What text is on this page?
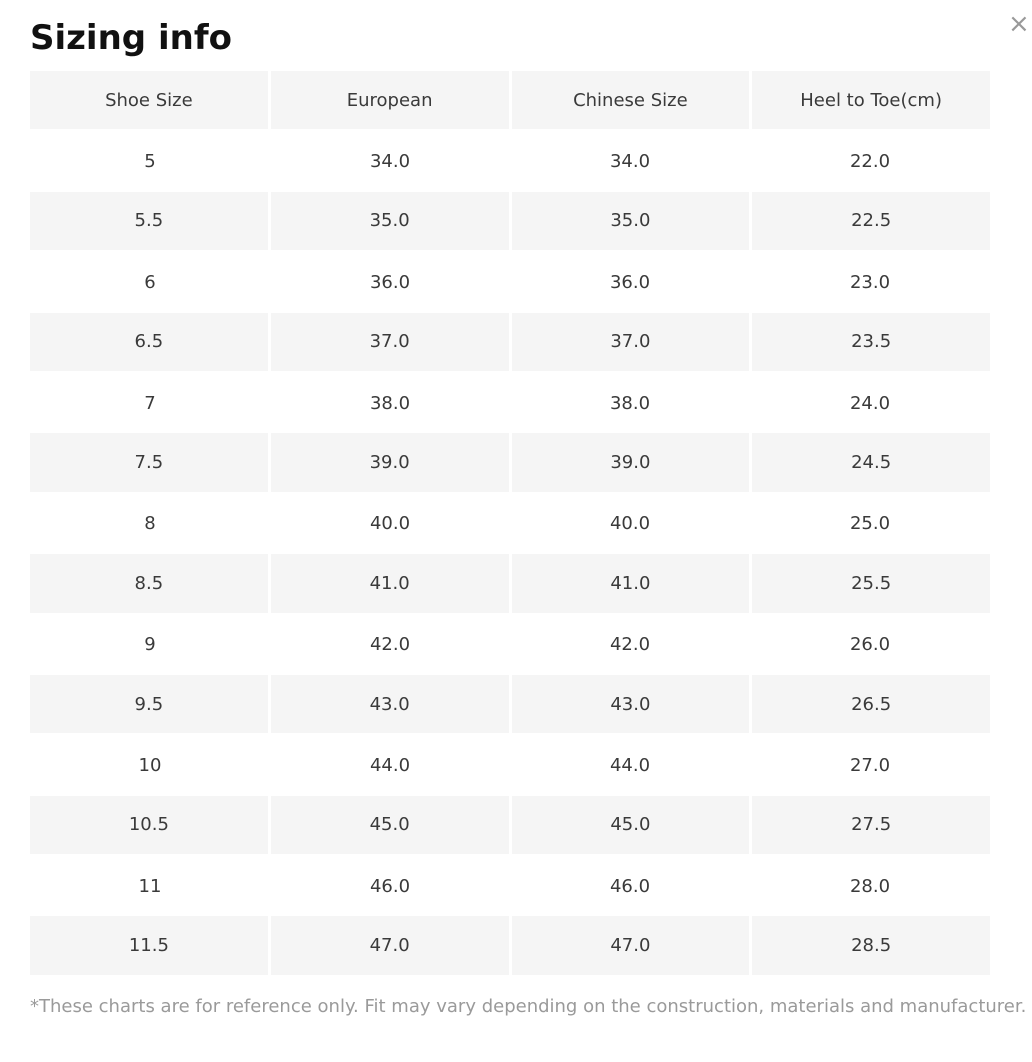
Sizing info	×
Shoe Size	European	Chinese Size	Heel to Toe(cm)
5	34.0	34.0	22.0
5.5	35.0	35.0	22.5
6	36.0	36.0	23.0
6.5	37.0	37.0	23.5
7	38.0	38.0	24.0
7.5	39.0	39.0	24.5
8	40.0	40.0	25.0
8.5	41.0	41.0	25.5
9	42.0	42.0	26.0
9.5	43.0	43.0	26.5
10	44.0	44.0	27.0
10.5	45.0	45.0	27.5
11	46.0	46.0	28.0
11.5	47.0	47.0	28.5
*These charts are for reference only. Fit may vary depending on the construction, materials and manufacturer.
